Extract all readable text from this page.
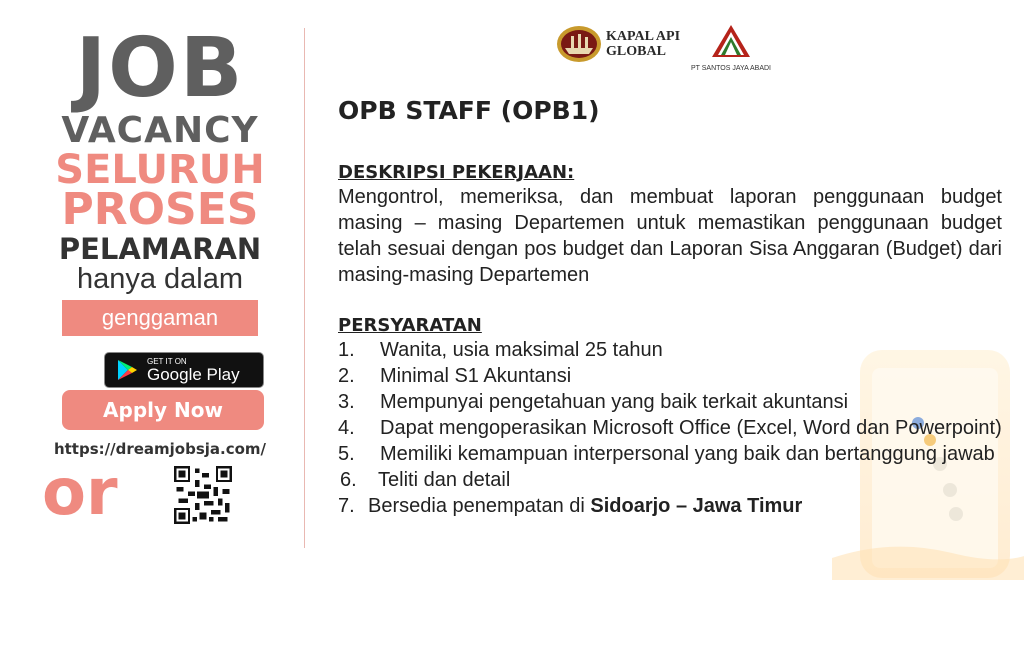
JOB
VACANCY
SELURUH
PROSES
PELAMARAN
hanya dalam
genggaman
GET IT ON
Google Play
Apply Now
https://dreamjobsja.com/
or
KAPAL API
GLOBAL
PT SANTOS JAYA ABADI
OPB STAFF (OPB1)
DESKRIPSI PEKERJAAN:

Mengontrol, memeriksa, dan membuat laporan penggunaan budget masing – masing Departemen untuk memastikan penggunaan budget telah sesuai dengan pos budget dan Laporan Sisa Anggaran (Budget) dari masing-masing Departemen

PERSYARATAN
1.	Wanita, usia maksimal 25 tahun
2.	Minimal S1 Akuntansi
3.	Mempunyai pengetahuan yang baik terkait akuntansi
4.	Dapat mengoperasikan Microsoft Office (Excel, Word dan Powerpoint)
5.	Memiliki kemampuan interpersonal yang baik dan bertanggung jawab
6.	Teliti dan detail
7. Bersedia penempatan di Sidoarjo – Jawa Timur
